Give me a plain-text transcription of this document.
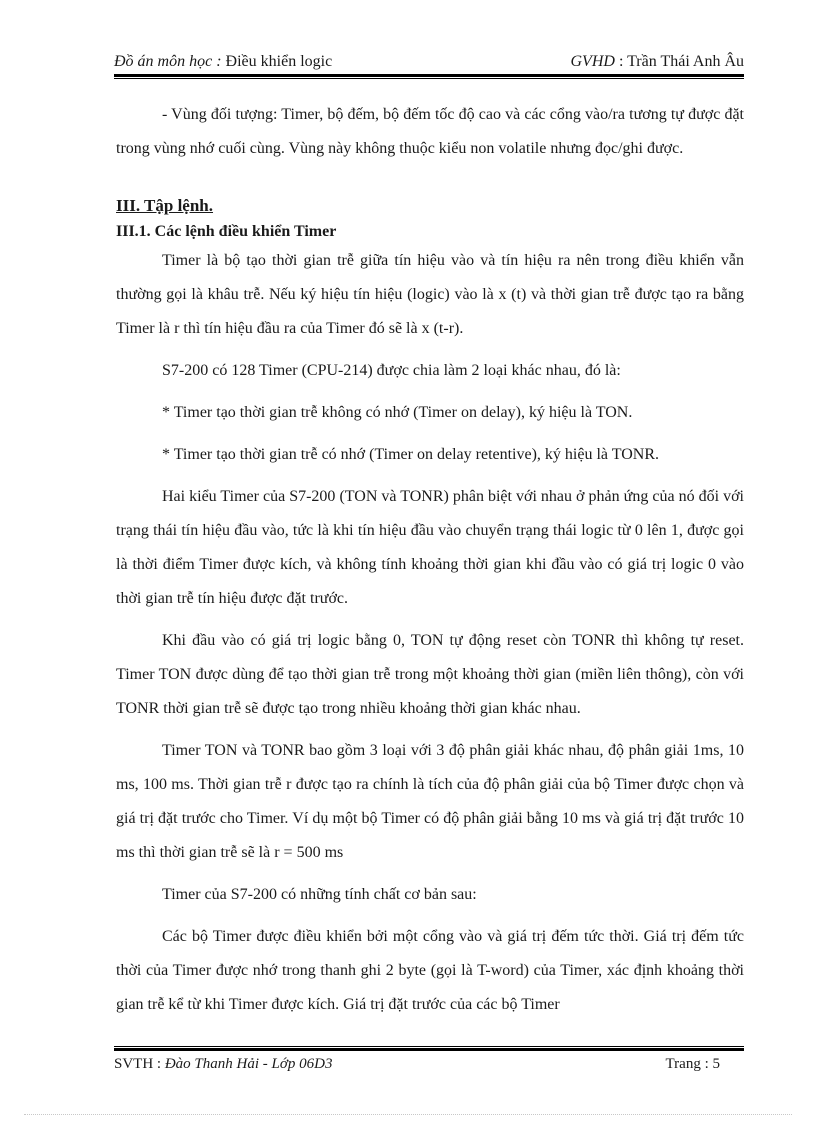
Đồ án môn học : Điều khiển logic	GVHD : Trần Thái Anh Âu

- Vùng đối tượng: Timer, bộ đếm, bộ đếm tốc độ cao và các cổng vào/ra tương tự được đặt trong vùng nhớ cuối cùng. Vùng này không thuộc kiểu non volatile nhưng đọc/ghi được.

III. Tập lệnh.

III.1. Các lệnh điều khiển Timer

Timer là bộ tạo thời gian trễ giữa tín hiệu vào và tín hiệu ra nên trong điều khiển vẫn thường gọi là khâu trễ. Nếu ký hiệu tín hiệu (logic) vào là x (t) và thời gian trễ được tạo ra bằng Timer là r thì tín hiệu đầu ra của Timer đó sẽ là x (t-r).

S7-200 có 128 Timer (CPU-214) được chia làm 2 loại khác nhau, đó là:

* Timer tạo thời gian trễ không có nhớ (Timer on delay), ký hiệu là TON.

* Timer tạo thời gian trễ có nhớ (Timer on delay retentive), ký hiệu là TONR.

Hai kiểu Timer của S7-200 (TON và TONR) phân biệt với nhau ở phản ứng của nó đối với trạng thái tín hiệu đầu vào, tức là khi tín hiệu đầu vào chuyển trạng thái logic từ 0 lên 1, được gọi là thời điểm Timer được kích, và không tính khoảng thời gian khi đầu vào có giá trị logic 0 vào thời gian trễ tín hiệu được đặt trước.

Khi đầu vào có giá trị logic bằng 0, TON tự động reset còn TONR thì không tự reset. Timer TON được dùng để tạo thời gian trễ trong một khoảng thời gian (miền liên thông), còn với TONR thời gian trễ sẽ được tạo trong nhiều khoảng thời gian khác nhau.

Timer TON và TONR bao gồm 3 loại với 3 độ phân giải khác nhau, độ phân giải 1ms, 10 ms, 100 ms. Thời gian trễ r được tạo ra chính là tích của độ phân giải của bộ Timer được chọn và giá trị đặt trước cho Timer. Ví dụ một bộ Timer có độ phân giải bằng 10 ms và giá trị đặt trước 10 ms thì thời gian trễ sẽ là r = 500 ms

Timer của S7-200 có những tính chất cơ bản sau:

Các bộ Timer được điều khiển bởi một cổng vào và giá trị đếm tức thời. Giá trị đếm tức thời của Timer được nhớ trong thanh ghi 2 byte (gọi là T-word) của Timer, xác định khoảng thời gian trễ kể từ khi Timer được kích. Giá trị đặt trước của các bộ Timer

SVTH : Đào Thanh Hải - Lớp 06D3	Trang : 5
